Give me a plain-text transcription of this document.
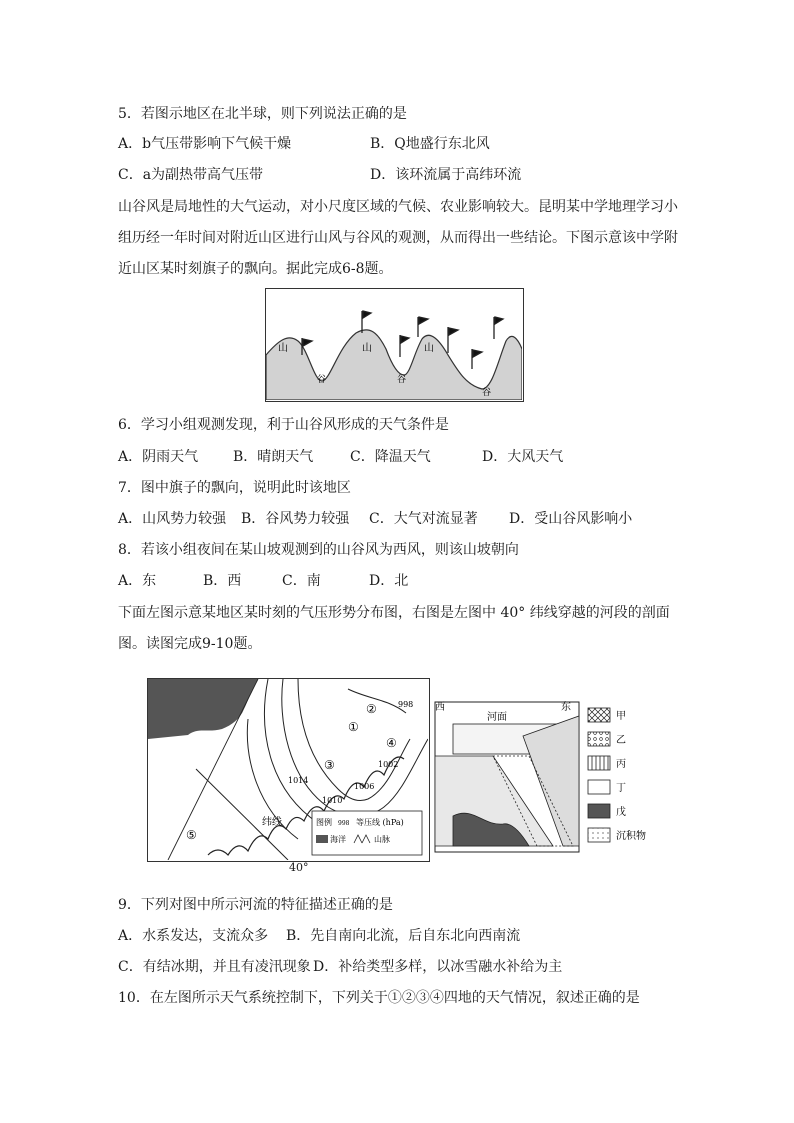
5．若图示地区在北半球，则下列说法正确的是
A．b气压带影响下气候干燥	B．Q地盛行东北风
C．a为副热带高气压带	D．该环流属于高纬环流
山谷风是局地性的大气运动，对小尺度区域的气候、农业影响较大。昆明某中学地理学习小
组历经一年时间对附近山区进行山风与谷风的观测，从而得出一些结论。下图示意该中学附
近山区某时刻旗子的飘向。据此完成6-8题。
山	山	山
谷	谷
谷
6．学习小组观测发现，利于山谷风形成的天气条件是
A．阴雨天气 B．晴朗天气	C．降温天气	D．大风天气
7．图中旗子的飘向，说明此时该地区
A．山风势力较强 B．谷风势力较强 C．大气对流显著 D．受山谷风影响小
8．若该小组夜间在某山坡观测到的山谷风为西风，则该山坡朝向
A．东	B．西	C．南	D．北
下面左图示意某地区某时刻的气压形势分布图，右图是左图中 40° 纬线穿越的河段的剖面
图。读图完成9-10题。
①
②
③
④
⑤
998
1002
1006
1010
1014
纬线	图例 998 等压线 (hPa)
海洋	山脉
40°
西	东
河面	甲
乙
丙
丁
戊
沉积物
9．下列对图中所示河流的特征描述正确的是
A．水系发达，支流众多 B．先自南向北流，后自东北向西南流
C．有结冰期，并且有凌汛现象 D．补给类型多样，以冰雪融水补给为主
10．在左图所示天气系统控制下，下列关于①②③④四地的天气情况，叙述正确的是
